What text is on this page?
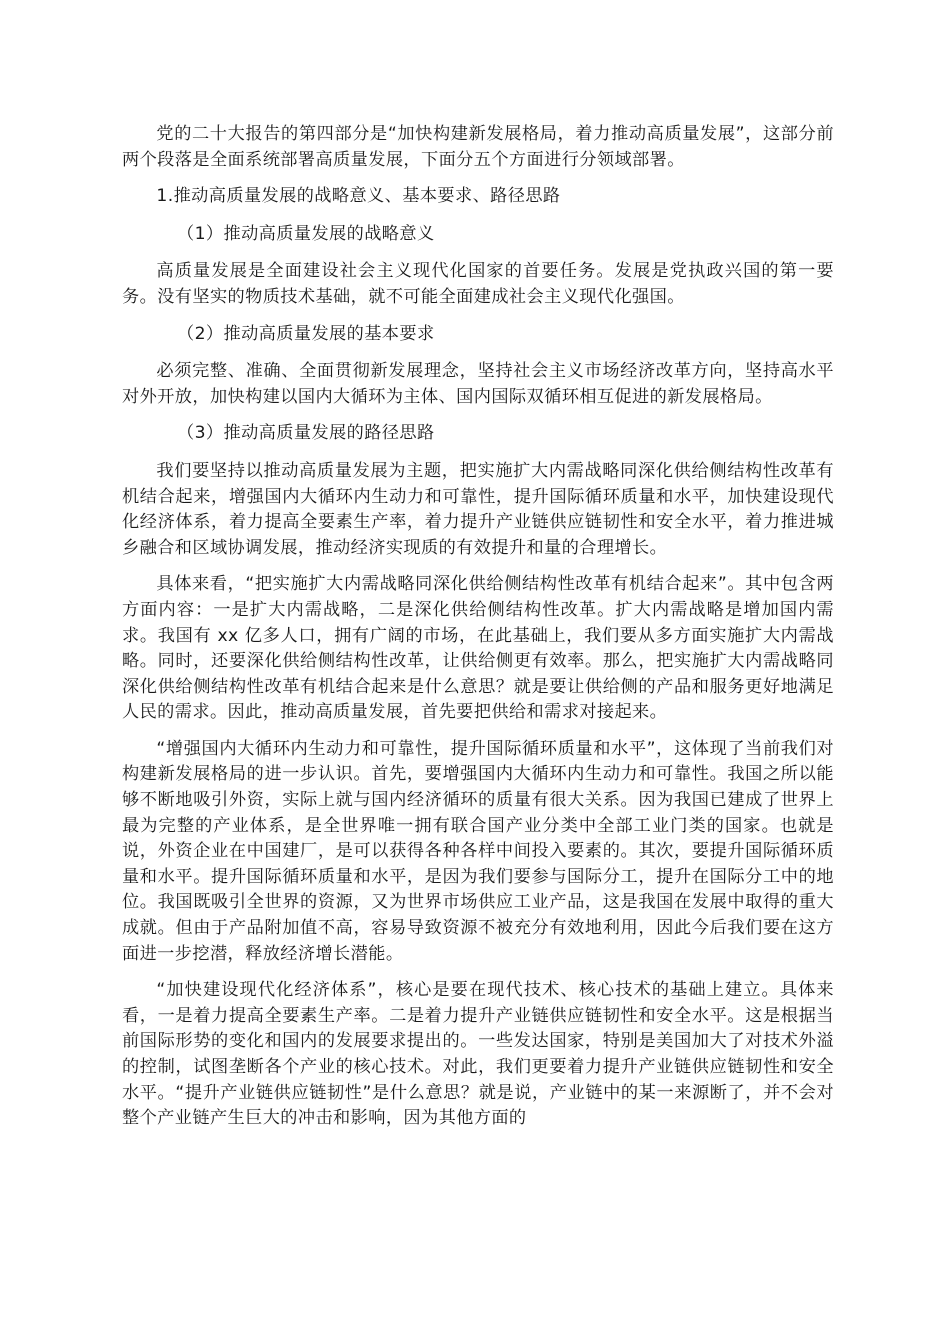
党的二十大报告的第四部分是“加快构建新发展格局，着力推动高质量发展”，这部分前两个段落是全面系统部署高质量发展，下面分五个方面进行分领域部署。

1.推动高质量发展的战略意义、基本要求、路径思路

（1）推动高质量发展的战略意义

高质量发展是全面建设社会主义现代化国家的首要任务。发展是党执政兴国的第一要务。没有坚实的物质技术基础，就不可能全面建成社会主义现代化强国。

（2）推动高质量发展的基本要求

必须完整、准确、全面贯彻新发展理念，坚持社会主义市场经济改革方向，坚持高水平对外开放，加快构建以国内大循环为主体、国内国际双循环相互促进的新发展格局。

（3）推动高质量发展的路径思路

我们要坚持以推动高质量发展为主题，把实施扩大内需战略同深化供给侧结构性改革有机结合起来，增强国内大循环内生动力和可靠性，提升国际循环质量和水平，加快建设现代化经济体系，着力提高全要素生产率，着力提升产业链供应链韧性和安全水平，着力推进城乡融合和区域协调发展，推动经济实现质的有效提升和量的合理增长。

具体来看，“把实施扩大内需战略同深化供给侧结构性改革有机结合起来”。其中包含两方面内容：一是扩大内需战略，二是深化供给侧结构性改革。扩大内需战略是增加国内需求。我国有 xx 亿多人口，拥有广阔的市场，在此基础上，我们要从多方面实施扩大内需战略。同时，还要深化供给侧结构性改革，让供给侧更有效率。那么，把实施扩大内需战略同深化供给侧结构性改革有机结合起来是什么意思？就是要让供给侧的产品和服务更好地满足人民的需求。因此，推动高质量发展，首先要把供给和需求对接起来。

“增强国内大循环内生动力和可靠性，提升国际循环质量和水平”，这体现了当前我们对构建新发展格局的进一步认识。首先，要增强国内大循环内生动力和可靠性。我国之所以能够不断地吸引外资，实际上就与国内经济循环的质量有很大关系。因为我国已建成了世界上最为完整的产业体系，是全世界唯一拥有联合国产业分类中全部工业门类的国家。也就是说，外资企业在中国建厂，是可以获得各种各样中间投入要素的。其次，要提升国际循环质量和水平。提升国际循环质量和水平，是因为我们要参与国际分工，提升在国际分工中的地位。我国既吸引全世界的资源，又为世界市场供应工业产品，这是我国在发展中取得的重大成就。但由于产品附加值不高，容易导致资源不被充分有效地利用，因此今后我们要在这方面进一步挖潜，释放经济增长潜能。

“加快建设现代化经济体系”，核心是要在现代技术、核心技术的基础上建立。具体来看，一是着力提高全要素生产率。二是着力提升产业链供应链韧性和安全水平。这是根据当前国际形势的变化和国内的发展要求提出的。一些发达国家，特别是美国加大了对技术外溢的控制，试图垄断各个产业的核心技术。对此，我们更要着力提升产业链供应链韧性和安全水平。“提升产业链供应链韧性”是什么意思？就是说，产业链中的某一来源断了，并不会对整个产业链产生巨大的冲击和影响，因为其他方面的
